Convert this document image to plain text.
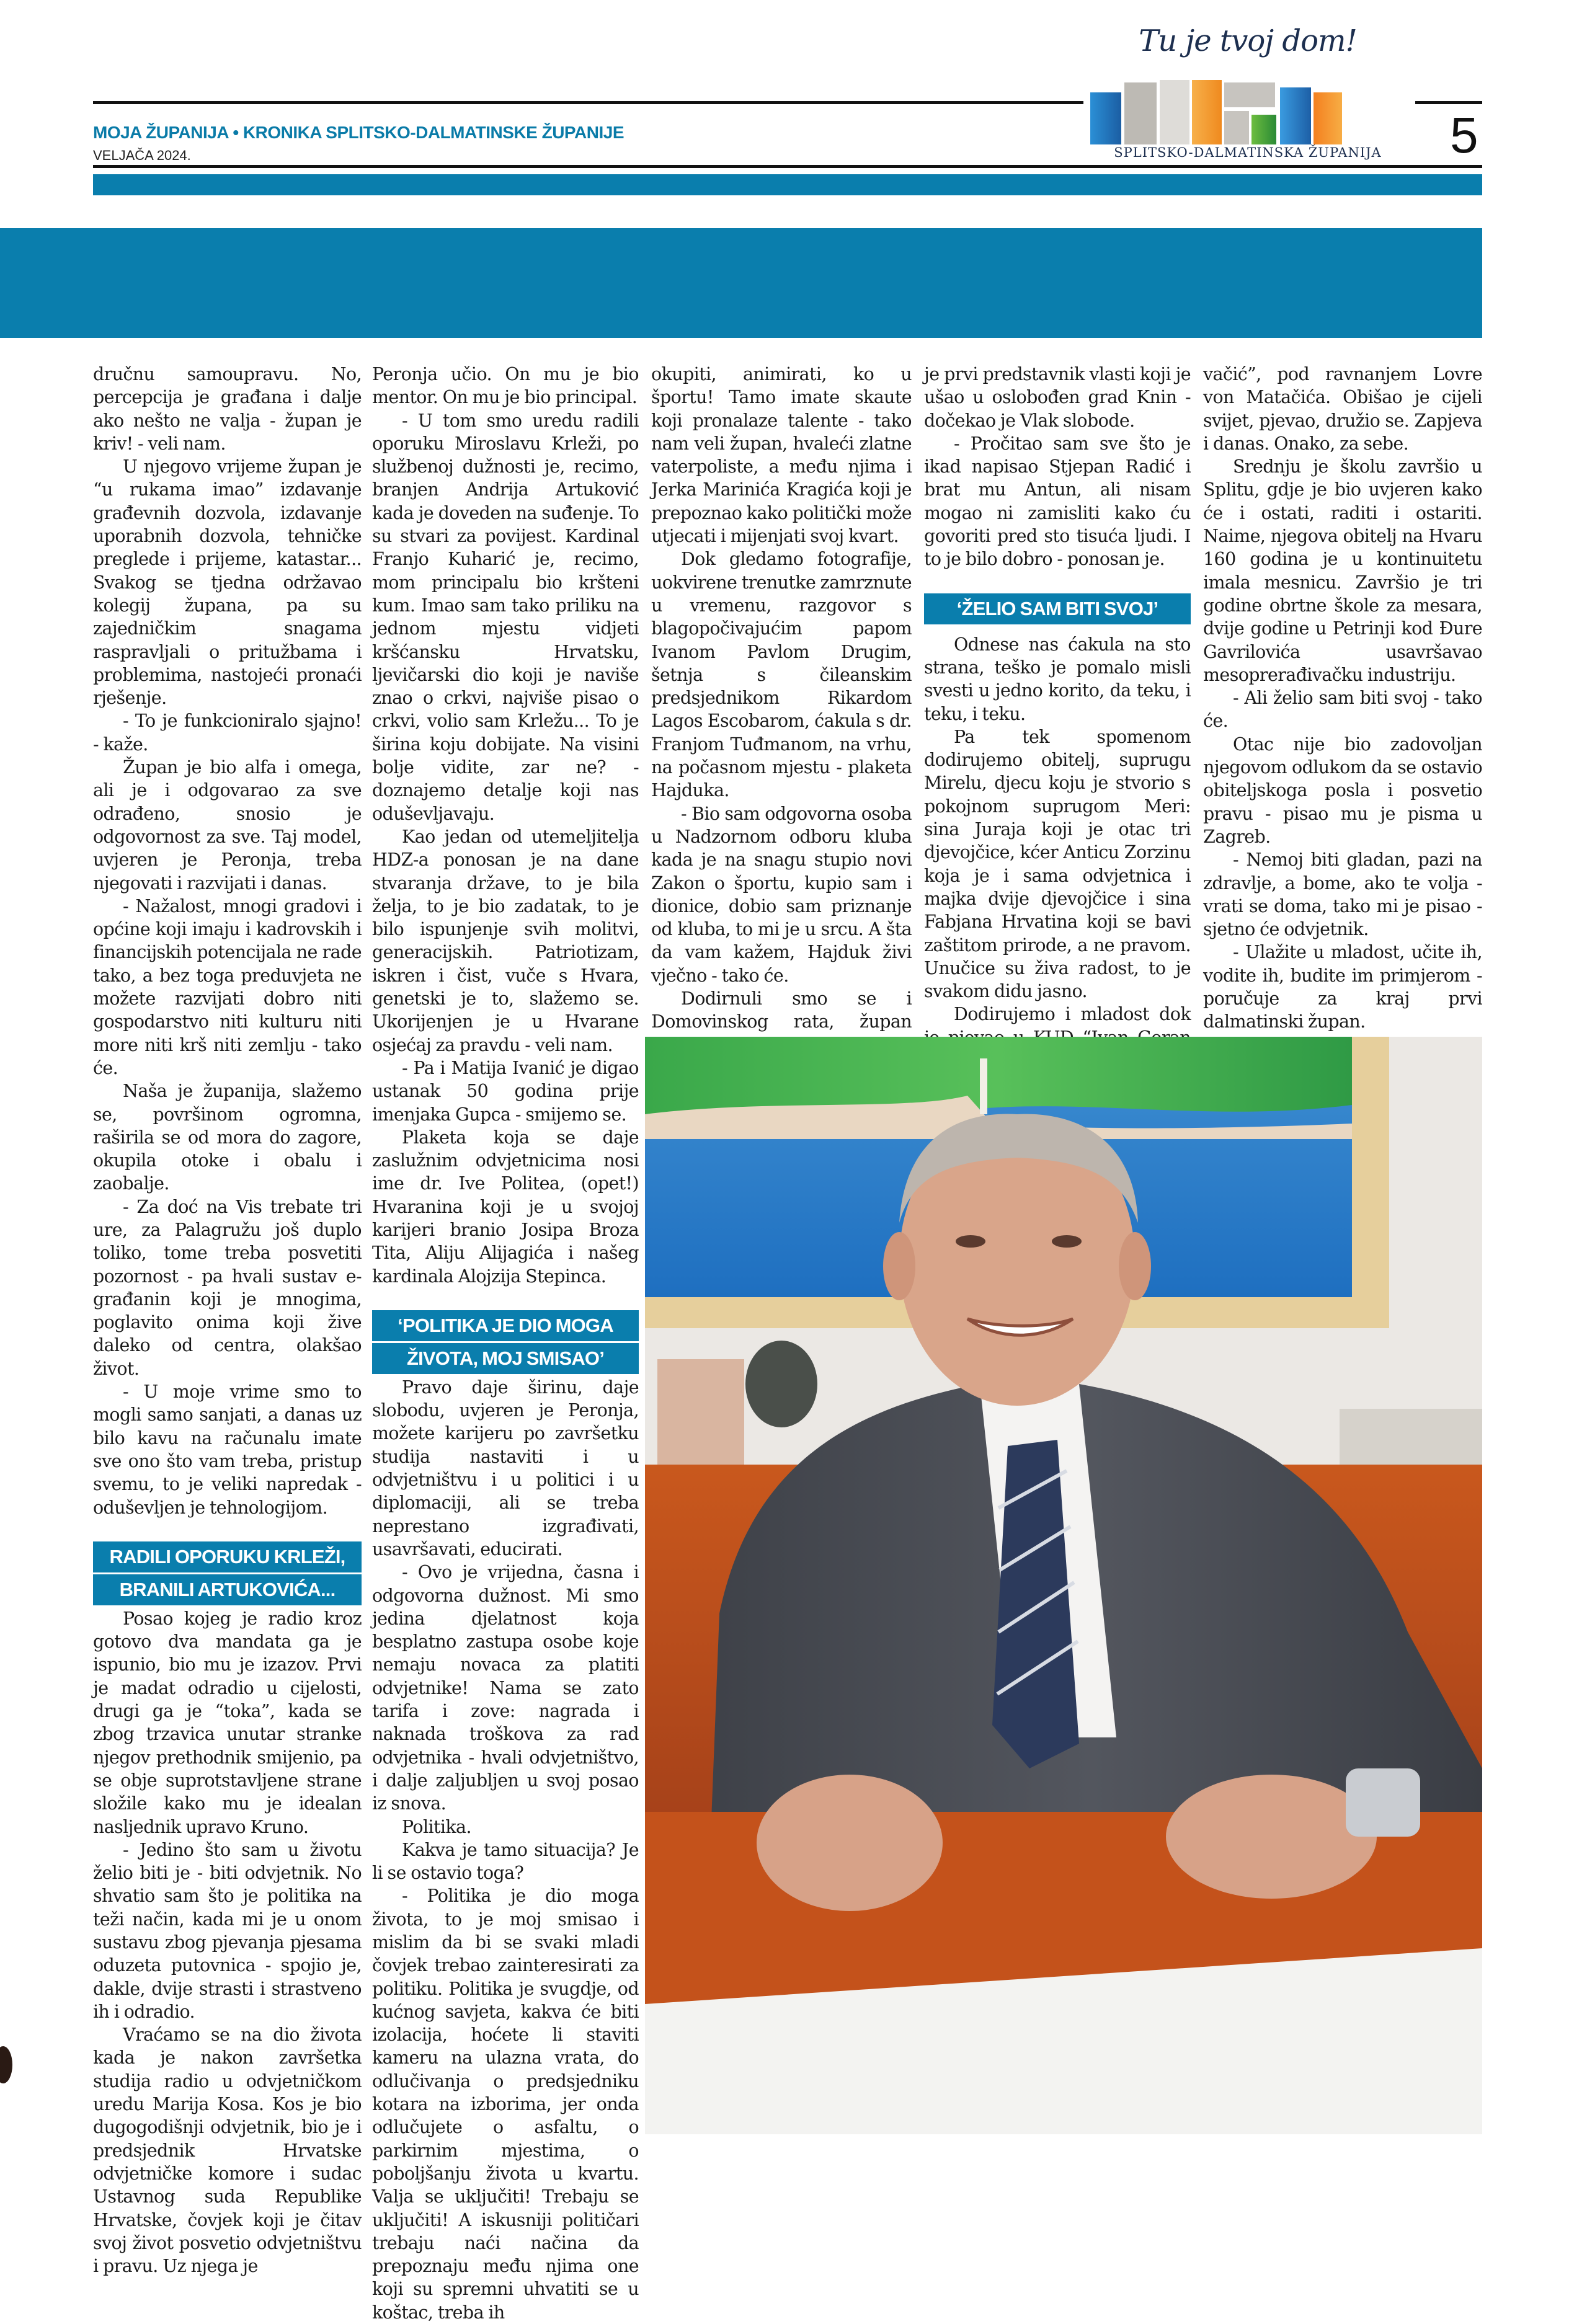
MOJA ŽUPANIJA • KRONIKA SPLITSKO-DALMATINSKE ŽUPANIJE
VELJAČA 2024.	5
Tu je tvoj dom!
SPLITSKO-DALMATINSKA ŽUPANIJA

dručnu samoupravu. No, percepcija je građana i dalje ako nešto ne valja - župan je kriv! - veli nam.

U njegovo vrijeme župan je “u rukama imao” izdavanje građevnih dozvola, izdavanje uporabnih dozvola, tehničke preglede i prijeme, katastar... Svakog se tjedna održavao kolegij župana, pa su zajedničkim snagama raspravljali o pritužbama i problemima, nastojeći pronaći rješenje.

- To je funkcioniralo sjajno! - kaže.

Župan je bio alfa i omega, ali je i odgovarao za sve odrađeno, snosio je odgovornost za sve. Taj model, uvjeren je Peronja, treba njegovati i razvijati i danas.

- Nažalost, mnogi gradovi i općine koji imaju i kadrovskih i financijskih potencijala ne rade tako, a bez toga preduvjeta ne možete razvijati dobro niti gospodarstvo niti kulturu niti more niti krš niti zemlju - tako će.

Naša je županija, slažemo se, površinom ogromna, raširila se od mora do zagore, okupila otoke i obalu i zaobalje.

- Za doć na Vis trebate tri ure, za Palagružu još duplo toliko, tome treba posvetiti pozornost - pa hvali sustav e-građanin koji je mnogima, poglavito onima koji žive daleko od centra, olakšao život.

- U moje vrime smo to mogli samo sanjati, a danas uz bilo kavu na računalu imate sve ono što vam treba, pristup svemu, to je veliki napredak - oduševljen je tehnologijom.

RADILI OPORUKU KRLEŽI,
BRANILI ARTUKOVIĆA...

Posao kojeg je radio kroz gotovo dva mandata ga je ispunio, bio mu je izazov. Prvi je madat odradio u cijelosti, drugi ga je “toka”, kada se zbog trzavica unutar stranke njegov prethodnik smijenio, pa se obje suprotstavljene strane složile kako mu je idealan nasljednik upravo Kruno.

- Jedino što sam u životu želio biti je - biti odvjetnik. No shvatio sam što je politika na teži način, kada mi je u onom sustavu zbog pjevanja pjesama oduzeta putovnica - spojio je, dakle, dvije strasti i strastveno ih i odradio.

Vraćamo se na dio života kada je nakon završetka studija radio u odvjetničkom uredu Marija Kosa. Kos je bio dugogodišnji odvjetnik, bio je i predsjednik Hrvatske odvjetničke komore i sudac Ustavnog suda Republike Hrvatske, čovjek koji je čitav svoj život posvetio odvjetništvu i pravu. Uz njega je

Peronja učio. On mu je bio mentor. On mu je bio principal.

- U tom smo uredu radili oporuku Miroslavu Krleži, po službenoj dužnosti je, recimo, branjen Andrija Artuković kada je doveden na suđenje. To su stvari za povijest. Kardinal Franjo Kuharić je, recimo, mom principalu bio kršteni kum. Imao sam tako priliku na jednom mjestu vidjeti kršćansku Hrvatsku, ljevičarski dio koji je naviše znao o crkvi, najviše pisao o crkvi, volio sam Krležu... To je širina koju dobijate. Na visini bolje vidite, zar ne? - doznajemo detalje koji nas oduševljavaju.

Kao jedan od utemeljitelja HDZ-a ponosan je na dane stvaranja države, to je bila želja, to je bio zadatak, to je bilo ispunjenje svih molitvi, generacijskih. Patriotizam, iskren i čist, vuče s Hvara, genetski je to, slažemo se. Ukorijenjen je u Hvarane osjećaj za pravdu - veli nam.

- Pa i Matija Ivanić je digao ustanak 50 godina prije imenjaka Gupca - smijemo se.

Plaketa koja se daje zaslužnim odvjetnicima nosi ime dr. Ive Politea, (opet!) Hvaranina koji je u svojoj karijeri branio Josipa Broza Tita, Aliju Alijagića i našeg kardinala Alojzija Stepinca.

‘POLITIKA JE DIO MOGA
ŽIVOTA, MOJ SMISAO’

Pravo daje širinu, daje slobodu, uvjeren je Peronja, možete karijeru po završetku studija nastaviti i u odvjetništvu i u politici i u diplomaciji, ali se treba neprestano izgrađivati, usavršavati, educirati.

- Ovo je vrijedna, časna i odgovorna dužnost. Mi smo jedina djelatnost koja besplatno zastupa osobe koje nemaju novaca za platiti odvjetnike! Nama se zato tarifa i zove: nagrada i naknada troškova za rad odvjetnika - hvali odvjetništvo, i dalje zaljubljen u svoj posao iz snova.

Politika.

Kakva je tamo situacija? Je li se ostavio toga?

- Politika je dio moga života, to je moj smisao i mislim da bi se svaki mladi čovjek trebao zainteresirati za politiku. Politika je svugdje, od kućnog savjeta, kakva će biti izolacija, hoćete li staviti kameru na ulazna vrata, do odlučivanja o predsjedniku kotara na izborima, jer onda odlučujete o asfaltu, o parkirnim mjestima, o poboljšanju života u kvartu. Valja se uključiti! Trebaju se uključiti! A iskusniji političari trebaju naći načina da prepoznaju među njima one koji su spremni uhvatiti se u koštac, treba ih

okupiti, animirati, ko u športu! Tamo imate skaute koji pronalaze talente - tako nam veli župan, hvaleći zlatne vaterpoliste, a među njima i Jerka Marinića Kragića koji je prepoznao kako politički može utjecati i mijenjati svoj kvart.

Dok gledamo fotografije, uokvirene trenutke zamrznute u vremenu, razgovor s blagopočivajućim papom Ivanom Pavlom Drugim, šetnja s čileanskim predsjednikom Rikardom Lagos Escobarom, ćakula s dr. Franjom Tuđmanom, na vrhu, na počasnom mjestu - plaketa Hajduka.

- Bio sam odgovorna osoba u Nadzornom odboru kluba kada je na snagu stupio novi Zakon o športu, kupio sam i dionice, dobio sam priznanje od kluba, to mi je u srcu. A šta da vam kažem, Hajduk živi vječno - tako će.

Dodirnuli smo se i Domovinskog rata, župan

je prvi predstavnik vlasti koji je ušao u oslobođen grad Knin - dočekao je Vlak slobode.

- Pročitao sam sve što je ikad napisao Stjepan Radić i brat mu Antun, ali nisam mogao ni zamisliti kako ću govoriti pred sto tisuća ljudi. I to je bilo dobro - ponosan je.

‘ŽELIO SAM BITI SVOJ’

Odnese nas ćakula na sto strana, teško je pomalo misli svesti u jedno korito, da teku, i teku, i teku.

Pa tek spomenom dodirujemo obitelj, suprugu Mirelu, djecu koju je stvorio s pokojnom suprugom Meri: sina Juraja koji je otac tri djevojčice, kćer Anticu Zorzinu koja je i sama odvjetnica i majka dvije djevojčice i sina Fabjana Hrvatina koji se bavi zaštitom prirode, a ne pravom. Unučice su živa radost, to je svakom didu jasno.

Dodirujemo i mladost dok

vačić”, pod ravnanjem Lovre von Matačića. Obišao je cijeli svijet, pjevao, družio se. Zapjeva i danas. Onako, za sebe.

Srednju je školu završio u Splitu, gdje je bio uvjeren kako će i ostati, raditi i ostariti. Naime, njegova obitelj na Hvaru 160 godina je u kontinuitetu imala mesnicu. Završio je tri godine obrtne škole za mesara, dvije godine u Petrinji kod Đure Gavrilovića usavršavao mesoprerađivačku industriju.

- Ali želio sam biti svoj - tako će.

Otac nije bio zadovoljan njegovom odlukom da se ostavio obiteljskoga posla i posvetio pravu - pisao mu je pisma u Zagreb.

- Nemoj biti gladan, pazi na zdravlje, a bome, ako te volja - vrati se doma, tako mi je pisao - sjetno će odvjetnik.

- Ulažite u mladost, učite ih, vodite ih, budite im primjerom - poručuje za kraj prvi dalmatinski župan.
